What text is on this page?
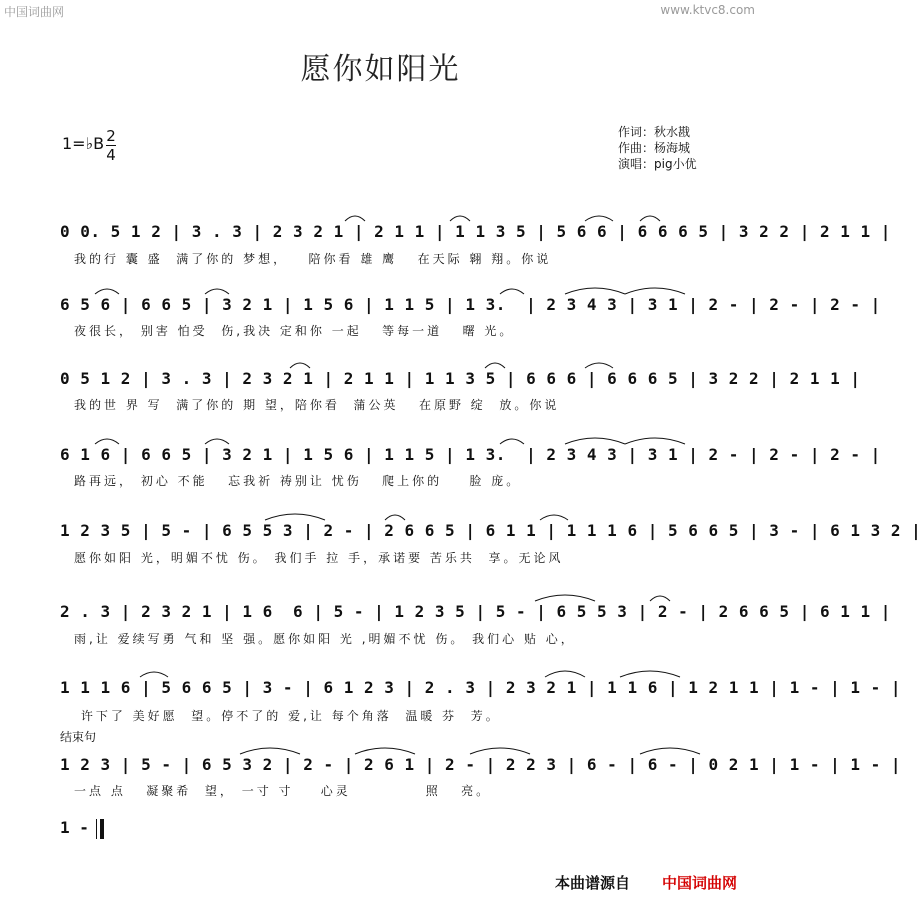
中国词曲网	www.ktvc8.com
愿你如阳光
1=♭B 2
4
作词：秋水戡
作曲：杨海城
演唱：pig小优
0 0. 5 1 2 | 3 . 3 | 2 3 2 1 | 2 1 1 | 1 1 3 5 | 5 6 6 | 6 6 6 5 | 3 2 2 | 2 1 1 |
我的行 囊 盛  满了你的 梦想，   陪你看 雄 鹰   在天际 翱 翔。你说
6 5 6 | 6 6 5 | 3 2 1 | 1 5 6 | 1 1 5 | 1 3.  | 2 3 4 3 | 3 1 | 2 - | 2 - | 2 - |
夜很长， 别害 怕受  伤,我决 定和你 一起   等每一道   曙 光。
0 5 1 2 | 3 . 3 | 2 3 2 1 | 2 1 1 | 1 1 3 5 | 6 6 6 | 6 6 6 5 | 3 2 2 | 2 1 1 |
我的世 界 写  满了你的 期 望，陪你看  蒲公英   在原野 绽  放。你说
6 1 6 | 6 6 5 | 3 2 1 | 1 5 6 | 1 1 5 | 1 3.  | 2 3 4 3 | 3 1 | 2 - | 2 - | 2 - |
路再远， 初心 不能   忘我祈 祷别让 忧伤   爬上你的    脸 庞。
1 2 3 5 | 5 - | 6 5 5 3 | 2 - | 2 6 6 5 | 6 1 1 | 1 1 1 6 | 5 6 6 5 | 3 - | 6 1 3 2 |
愿你如阳 光，明媚不忧 伤。 我们手 拉 手，承诺要 苦乐共  享。无论风
2 . 3 | 2 3 2 1 | 1 6  6 | 5 - | 1 2 3 5 | 5 - | 6 5 5 3 | 2 - | 2 6 6 5 | 6 1 1 |
雨,让 爱续写勇 气和 坚 强。愿你如阳 光 ,明媚不忧 伤。 我们心 贴 心，
1 1 1 6 | 5 6 6 5 | 3 - | 6 1 2 3 | 2 . 3 | 2 3 2 1 | 1 1 6 | 1 2 1 1 | 1 - | 1 - |
许下了 美好愿  望。停不了的 爱,让 每个角落  温暖 芬  芳。
结束句
1 2 3 | 5 - | 6 5 3 2 | 2 - | 2 6 1 | 2 - | 2 2 3 | 6 - | 6 - | 0 2 1 | 1 - | 1 - |
一点 点   凝聚希  望， 一寸 寸    心灵           照   亮。
1 -
本曲谱源自 中国词曲网
